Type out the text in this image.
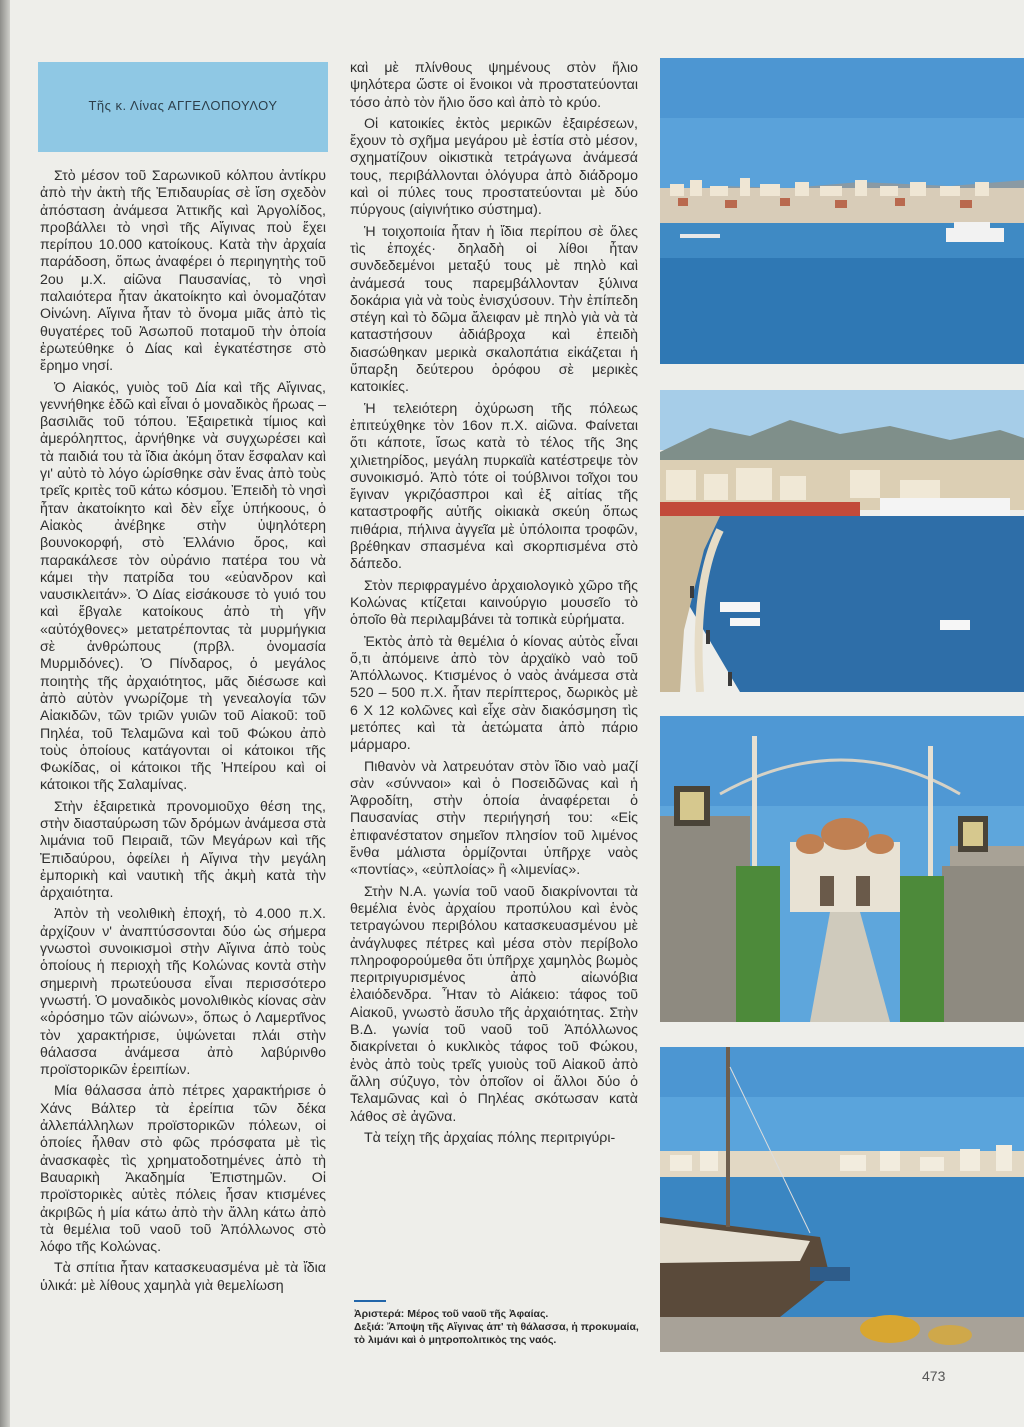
Τῆς κ. Λίνας ΑΓΓΕΛΟΠΟΥΛΟΥ

Στὸ μέσον τοῦ Σαρωνικοῦ κόλπου ἀντίκρυ ἀπὸ τὴν ἀκτὴ τῆς Ἐπιδαυρίας σὲ ἴση σχεδὸν ἀπόσταση ἀνάμεσα Ἀττικῆς καὶ Ἀργολίδος, προβάλλει τὸ νησὶ τῆς Αἴγινας ποὺ ἔχει περίπου 10.000 κατοίκους. Κατὰ τὴν ἀρχαία παράδοση, ὅπως ἀναφέρει ὁ περιηγητὴς τοῦ 2ου μ.Χ. αἰῶνα Παυσανίας, τὸ νησὶ παλαιότερα ἦταν ἀκατοίκητο καὶ ὀνομαζόταν Οἰνώνη. Αἴγινα ἦταν τὸ ὄνομα μιᾶς ἀπὸ τὶς θυγατέρες τοῦ Ἀσωποῦ ποταμοῦ τὴν ὁποία ἐρωτεύθηκε ὁ Δίας καὶ ἐγκατέστησε στὸ ἔρημο νησί.

Ὁ Αἰακός, γυιὸς τοῦ Δία καὶ τῆς Αἴγινας, γεννήθηκε ἐδῶ καὶ εἶναι ὁ μοναδικὸς ἥρωας – βασιλιᾶς τοῦ τόπου. Ἐξαιρετικὰ τίμιος καὶ ἀμερόληπτος, ἀρνήθηκε νὰ συγχωρέσει καὶ τὰ παιδιά του τὰ ἴδια ἀκόμη ὅταν ἔσφαλαν καὶ γι' αὐτὸ τὸ λόγο ὡρίσθηκε σὰν ἕνας ἀπὸ τοὺς τρεῖς κριτὲς τοῦ κάτω κόσμου. Ἐπειδὴ τὸ νησὶ ἦταν ἀκατοίκητο καὶ δὲν εἶχε ὑπήκοους, ὁ Αἰακὸς ἀνέβηκε στὴν ὑψηλότερη βουνοκορφή, στὸ Ἑλλάνιο ὄρος, καὶ παρακάλεσε τὸν οὐράνιο πατέρα του νὰ κάμει τὴν πατρίδα του «εὐανδρον καὶ ναυσικλειτάν». Ὁ Δίας εἰσάκουσε τὸ γυιό του καὶ ἔβγαλε κατοίκους ἀπὸ τὴ γῆν «αὐτόχθονες» μετατρέποντας τὰ μυρμήγκια σὲ ἀνθρώπους (πρβλ. ὀνομασία Μυρμιδόνες). Ὁ Πίνδαρος, ὁ μεγάλος ποιητὴς τῆς ἀρχαιότητος, μᾶς διέσωσε καὶ ἀπὸ αὐτὸν γνωρίζομε τὴ γενεαλογία τῶν Αἰακιδῶν, τῶν τριῶν γυιῶν τοῦ Αἰακοῦ: τοῦ Πηλέα, τοῦ Τελαμῶνα καὶ τοῦ Φώκου ἀπὸ τοὺς ὁποίους κατάγονται οἱ κάτοικοι τῆς Φωκίδας, οἱ κάτοικοι τῆς Ἠπείρου καὶ οἱ κάτοικοι τῆς Σαλαμίνας.

Στὴν ἐξαιρετικὰ προνομιοῦχο θέση της, στὴν διασταύρωση τῶν δρόμων ἀνάμεσα στὰ λιμάνια τοῦ Πειραιᾶ, τῶν Μεγάρων καὶ τῆς Ἐπιδαύρου, ὀφείλει ἡ Αἴγινα τὴν μεγάλη ἐμπορικὴ καὶ ναυτικὴ τῆς ἀκμὴ κατὰ τὴν ἀρχαιότητα.

Ἀπὸν τὴ νεολιθικὴ ἐποχή, τὸ 4.000 π.Χ. ἀρχίζουν ν' ἀναπτύσσονται δύο ὡς σήμερα γνωστοὶ συνοικισμοὶ στὴν Αἴγινα ἀπὸ τοὺς ὁποίους ἡ περιοχὴ τῆς Κολώνας κοντὰ στὴν σημερινὴ πρωτεύουσα εἶναι περισσότερο γνωστή. Ὁ μοναδικὸς μονολιθικὸς κίονας σὰν «ὀρόσημο τῶν αἰώνων», ὅπως ὁ Λαμερτῖνος τὸν χαρακτήρισε, ὑψώνεται πλάι στὴν θάλασσα ἀνάμεσα ἀπὸ λαβύρινθο προϊστορικῶν ἐρειπίων.

Μία θάλασσα ἀπὸ πέτρες χαρακτήρισε ὁ Χάνς Βάλτερ τὰ ἐρείπια τῶν δέκα ἀλλεπάλληλων προϊστορικῶν πόλεων, οἱ ὁποίες ἦλθαν στὸ φῶς πρόσφατα μὲ τὶς ἀνασκαφὲς τὶς χρηματοδοτημένες ἀπὸ τὴ Βαυαρικὴ Ἀκαδημία Ἐπιστημῶν. Οἱ προϊστορικὲς αὐτὲς πόλεις ἦσαν κτισμένες ἀκριβῶς ἡ μία κάτω ἀπὸ τὴν ἄλλη κάτω ἀπὸ τὰ θεμέλια τοῦ ναοῦ τοῦ Ἀπόλλωνος στὸ λόφο τῆς Κολώνας.

Τὰ σπίτια ἦταν κατασκευασμένα μὲ τὰ ἴδια ὑλικά: μὲ λίθους χαμηλὰ γιὰ θεμελίωση

καὶ μὲ πλίνθους ψημένους στὸν ἥλιο ψηλότερα ὥστε οἱ ἔνοικοι νὰ προστατεύονται τόσο ἀπὸ τὸν ἥλιο ὅσο καὶ ἀπὸ τὸ κρύο.

Οἱ κατοικίες ἐκτὸς μερικῶν ἐξαιρέσεων, ἔχουν τὸ σχῆμα μεγάρου μὲ ἑστία στὸ μέσον, σχηματίζουν οἰκιστικὰ τετράγωνα ἀνάμεσά τους, περιβάλλονται ὁλόγυρα ἀπὸ διάδρομο καὶ οἱ πύλες τους προστατεύονται μὲ δύο πύργους (αἰγινήτικο σύστημα).

Ἡ τοιχοποιία ἦταν ἡ ἴδια περίπου σὲ ὅλες τὶς ἐποχές· δηλαδὴ οἱ λίθοι ἦταν συνδεδεμένοι μεταξύ τους μὲ πηλὸ καὶ ἀνάμεσά τους παρεμβάλλονταν ξύλινα δοκάρια γιὰ νὰ τοὺς ἐνισχύσουν. Τὴν ἐπίπεδη στέγη καὶ τὸ δῶμα ἄλειφαν μὲ πηλὸ γιὰ νὰ τὰ καταστήσουν ἀδιάβροχα καὶ ἐπειδὴ διασώθηκαν μερικὰ σκαλοπάτια εἰκάζεται ἡ ὕπαρξη δεύτερου ὀρόφου σὲ μερικὲς κατοικίες.

Ἡ τελειότερη ὀχύρωση τῆς πόλεως ἐπιτεύχθηκε τὸν 16ον π.Χ. αἰῶνα. Φαίνεται ὅτι κάποτε, ἴσως κατὰ τὸ τέλος τῆς 3ης χιλιετηρίδος, μεγάλη πυρκαϊὰ κατέστρεψε τὸν συνοικισμό. Ἀπὸ τότε οἱ τούβλινοι τοῖχοι του ἔγιναν γκριζόασπροι καὶ ἐξ αἰτίας τῆς καταστροφῆς αὐτῆς οἰκιακὰ σκεύη ὅπως πιθάρια, πήλινα ἀγγεῖα μὲ ὑπόλοιπα τροφῶν, βρέθηκαν σπασμένα καὶ σκορπισμένα στὸ δάπεδο.

Στὸν περιφραγμένο ἀρχαιολογικὸ χῶρο τῆς Κολώνας κτίζεται καινούργιο μουσεῖο τὸ ὁποῖο θὰ περιλαμβάνει τὰ τοπικὰ εὑρήματα.

Ἐκτὸς ἀπὸ τὰ θεμέλια ὁ κίονας αὐτὸς εἶναι ὅ,τι ἀπόμεινε ἀπὸ τὸν ἀρχαϊκὸ ναὸ τοῦ Ἀπόλλωνος. Κτισμένος ὁ ναὸς ἀνάμεσα στὰ 520 – 500 π.Χ. ἦταν περίπτερος, δωρικὸς μὲ 6 Χ 12 κολῶνες καὶ εἶχε σὰν διακόσμηση τὶς μετόπες καὶ τὰ ἀετώματα ἀπὸ πάριο μάρμαρο.

Πιθανὸν νὰ λατρευόταν στὸν ἴδιο ναὸ μαζί σὰν «σύνναοι» καὶ ὁ Ποσειδῶνας καὶ ἡ Ἀφροδίτη, στὴν ὁποία ἀναφέρεται ὁ Παυσανίας στὴν περιήγησή του: «Εἰς ἐπιφανέστατον σημεῖον πλησίον τοῦ λιμένος ἔνθα μάλιστα ὁρμίζονται ὑπῆρχε ναὸς «ποντίας», «εὐπλοίας» ἢ «λιμενίας».

Στὴν Ν.Α. γωνία τοῦ ναοῦ διακρίνονται τὰ θεμέλια ἑνὸς ἀρχαίου προπύλου καὶ ἑνὸς τετραγώνου περιβόλου κατασκευασμένου μὲ ἀνάγλυφες πέτρες καὶ μέσα στὸν περίβολο πληροφορούμεθα ὅτι ὑπῆρχε χαμηλὸς βωμὸς περιτριγυρισμένος ἀπὸ αἰωνόβια ἐλαιόδενδρα. Ἦταν τὸ Αἰάκειο: τάφος τοῦ Αἰακοῦ, γνωστὸ ἄσυλο τῆς ἀρχαιότητας. Στὴν Β.Δ. γωνία τοῦ ναοῦ τοῦ Ἀπόλλωνος διακρίνεται ὁ κυκλικὸς τάφος τοῦ Φώκου, ἑνὸς ἀπὸ τοὺς τρεῖς γυιοὺς τοῦ Αἰακοῦ ἀπὸ ἄλλη σύζυγο, τὸν ὁποῖον οἱ ἄλλοι δύο ὁ Τελαμῶνας καὶ ὁ Πηλέας σκότωσαν κατὰ λάθος σὲ ἀγῶνα.

Τὰ τείχη τῆς ἀρχαίας πόλης περιτριγύρι-

Ἀριστερά: Μέρος τοῦ ναοῦ τῆς Ἀφαίας.

Δεξιά: Ἄποψη τῆς Αἴγινας ἀπ' τὴ θάλασσα, ἡ προκυμαία, τὸ λιμάνι καὶ ὁ μητροπολιτικὸς της ναός.

473
